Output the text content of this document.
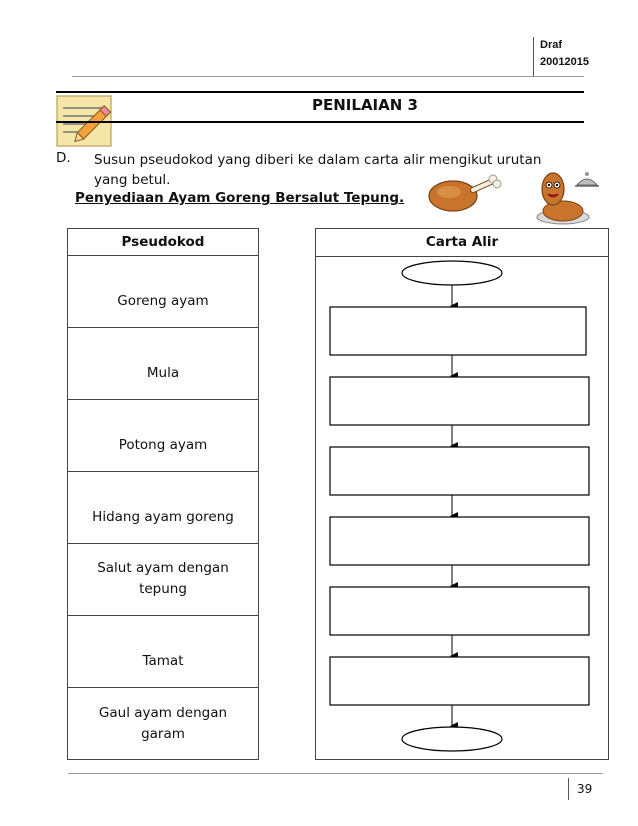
Draf
20012015
PENILAIAN 3
D. Susun pseudokod yang diberi ke dalam carta alir mengikut urutan yang betul.
Penyediaan Ayam Goreng Bersalut Tepung.
Pseudokod
Goreng ayam
Mula
Potong ayam
Hidang ayam goreng
Salut ayam dengan tepung
Tamat
Gaul ayam dengan garam
Carta Alir
39
